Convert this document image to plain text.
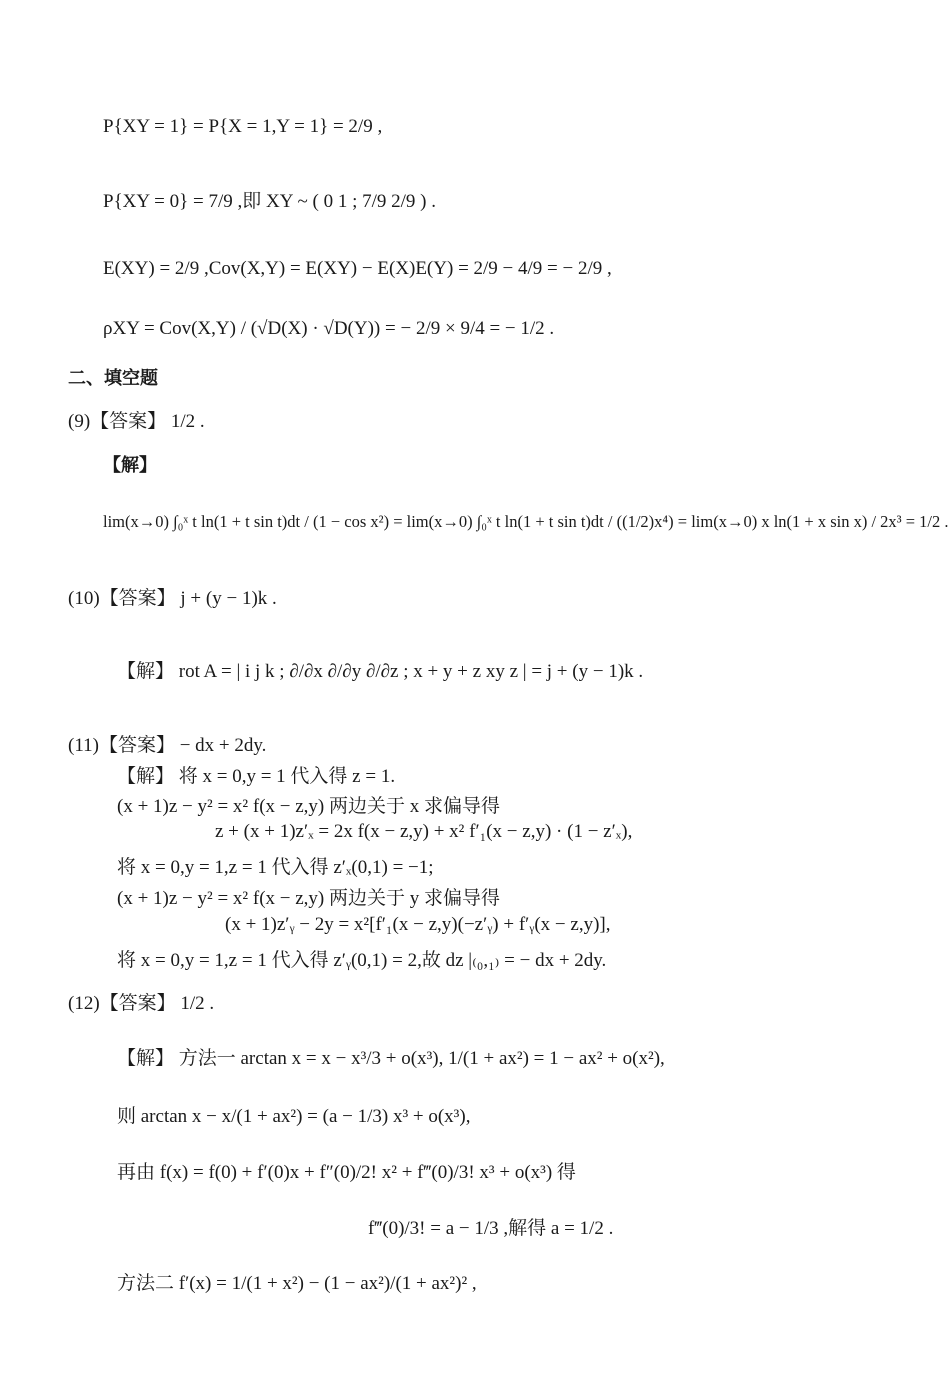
P{XY = 1} = P{X = 1,Y = 1} = 2/9 ,
P{XY = 0} = 7/9 ,即 XY ~ ( 0 1 ; 7/9 2/9 ) .
E(XY) = 2/9 ,Cov(X,Y) = E(XY) − E(X)E(Y) = 2/9 − 4/9 = − 2/9 ,
ρXY = Cov(X,Y) / (√D(X) · √D(Y)) = − 2/9 × 9/4 = − 1/2 .
二、填空题
(9)【答案】 1/2 .
【解】
lim(x→0) ∫₀ˣ t ln(1 + t sin t)dt / (1 − cos x²) = lim(x→0) ∫₀ˣ t ln(1 + t sin t)dt / ((1/2)x⁴) = lim(x→0) x ln(1 + x sin x) / 2x³ = 1/2 .
(10)【答案】 j + (y − 1)k .
【解】 rot A = | i j k ; ∂/∂x ∂/∂y ∂/∂z ; x + y + z xy z | = j + (y − 1)k .
(11)【答案】 − dx + 2dy.
【解】 将 x = 0,y = 1 代入得 z = 1.
(x + 1)z − y² = x² f(x − z,y) 两边关于 x 求偏导得
z + (x + 1)z′ₓ = 2x f(x − z,y) + x² f′₁(x − z,y) · (1 − z′ₓ),
将 x = 0,y = 1,z = 1 代入得 z′ₓ(0,1) = −1;
(x + 1)z − y² = x² f(x − z,y) 两边关于 y 求偏导得
(x + 1)z′ᵧ − 2y = x²[f′₁(x − z,y)(−z′ᵧ) + f′ᵧ(x − z,y)],
将 x = 0,y = 1,z = 1 代入得 z′ᵧ(0,1) = 2,故 dz |₍₀,₁₎ = − dx + 2dy.
(12)【答案】 1/2 .
【解】 方法一 arctan x = x − x³/3 + o(x³), 1/(1 + ax²) = 1 − ax² + o(x²),
则 arctan x − x/(1 + ax²) = (a − 1/3) x³ + o(x³),
再由 f(x) = f(0) + f′(0)x + f″(0)/2! x² + f‴(0)/3! x³ + o(x³) 得
f‴(0)/3! = a − 1/3 ,解得 a = 1/2 .
方法二 f′(x) = 1/(1 + x²) − (1 − ax²)/(1 + ax²)² ,
